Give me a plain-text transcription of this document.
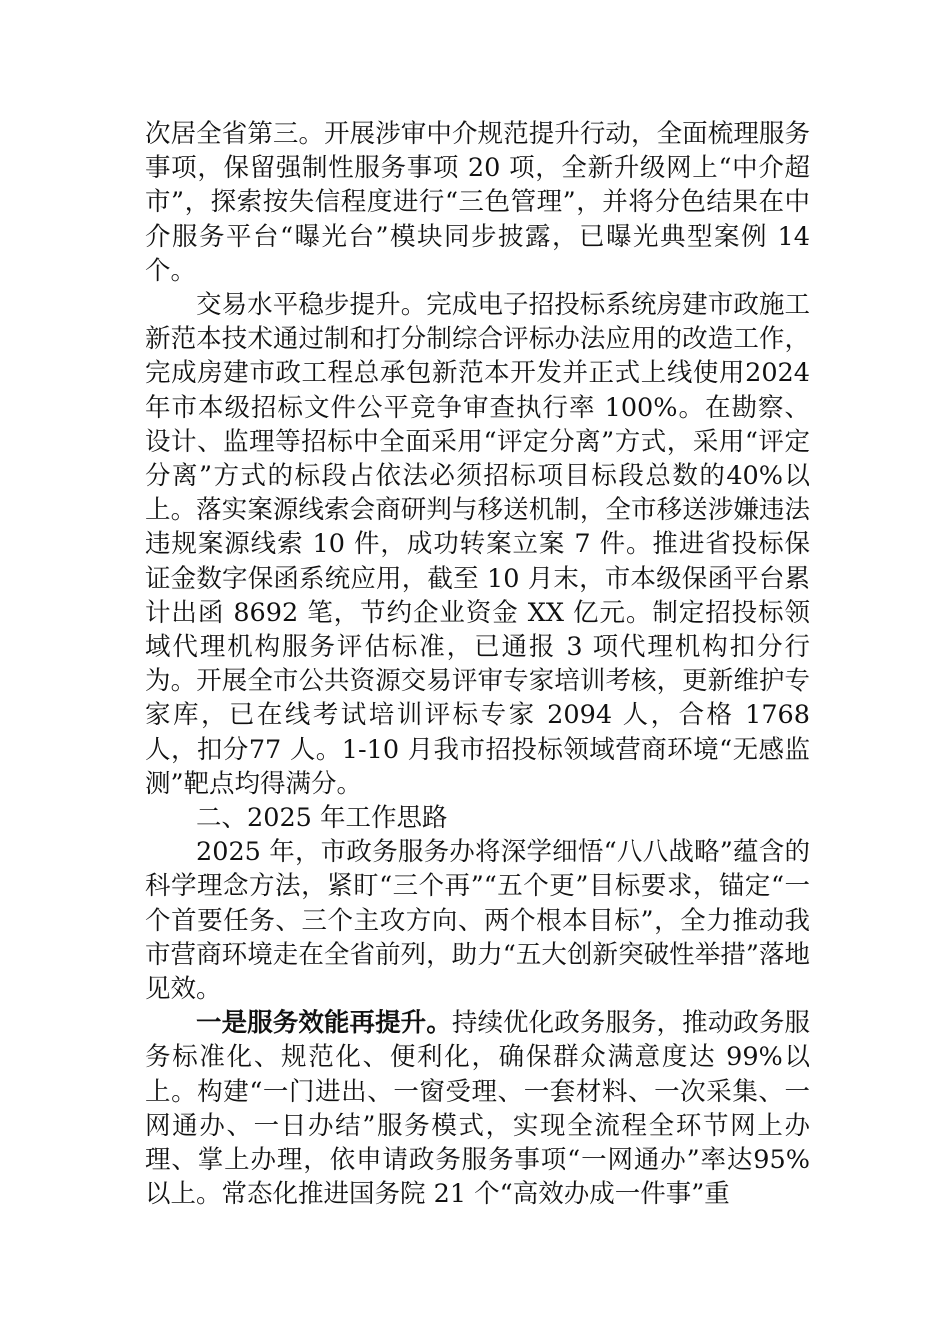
次居全省第三。开展涉审中介规范提升行动，全面梳理服务事项，保留强制性服务事项 20 项，全新升级网上“中介超市”，探索按失信程度进行“三色管理”，并将分色结果在中介服务平台“曝光台”模块同步披露，已曝光典型案例 14 个。

交易水平稳步提升。完成电子招投标系统房建市政施工新范本技术通过制和打分制综合评标办法应用的改造工作，完成房建市政工程总承包新范本开发并正式上线使用2024 年市本级招标文件公平竞争审查执行率 100%。在勘察、设计、监理等招标中全面采用“评定分离”方式，采用“评定分离”方式的标段占依法必须招标项目标段总数的40%以上。落实案源线索会商研判与移送机制，全市移送涉嫌违法违规案源线索 10 件，成功转案立案 7 件。推进省投标保证金数字保函系统应用，截至 10 月末，市本级保函平台累计出函 8692 笔，节约企业资金 XX 亿元。制定招投标领域代理机构服务评估标准，已通报 3 项代理机构扣分行为。开展全市公共资源交易评审专家培训考核，更新维护专家库，已在线考试培训评标专家 2094 人，合格 1768 人，扣分77 人。1-10 月我市招投标领域营商环境“无感监测”靶点均得满分。

二、2025 年工作思路

2025 年，市政务服务办将深学细悟“八八战略”蕴含的科学理念方法，紧盯“三个再”“五个更”目标要求，锚定“一个首要任务、三个主攻方向、两个根本目标”，全力推动我市营商环境走在全省前列，助力“五大创新突破性举措”落地见效。

一是服务效能再提升。持续优化政务服务，推动政务服务标准化、规范化、便利化，确保群众满意度达 99%以上。构建“一门进出、一窗受理、一套材料、一次采集、一网通办、一日办结”服务模式，实现全流程全环节网上办理、掌上办理，依申请政务服务事项“一网通办”率达95%以上。常态化推进国务院 21 个“高效办成一件事”重
